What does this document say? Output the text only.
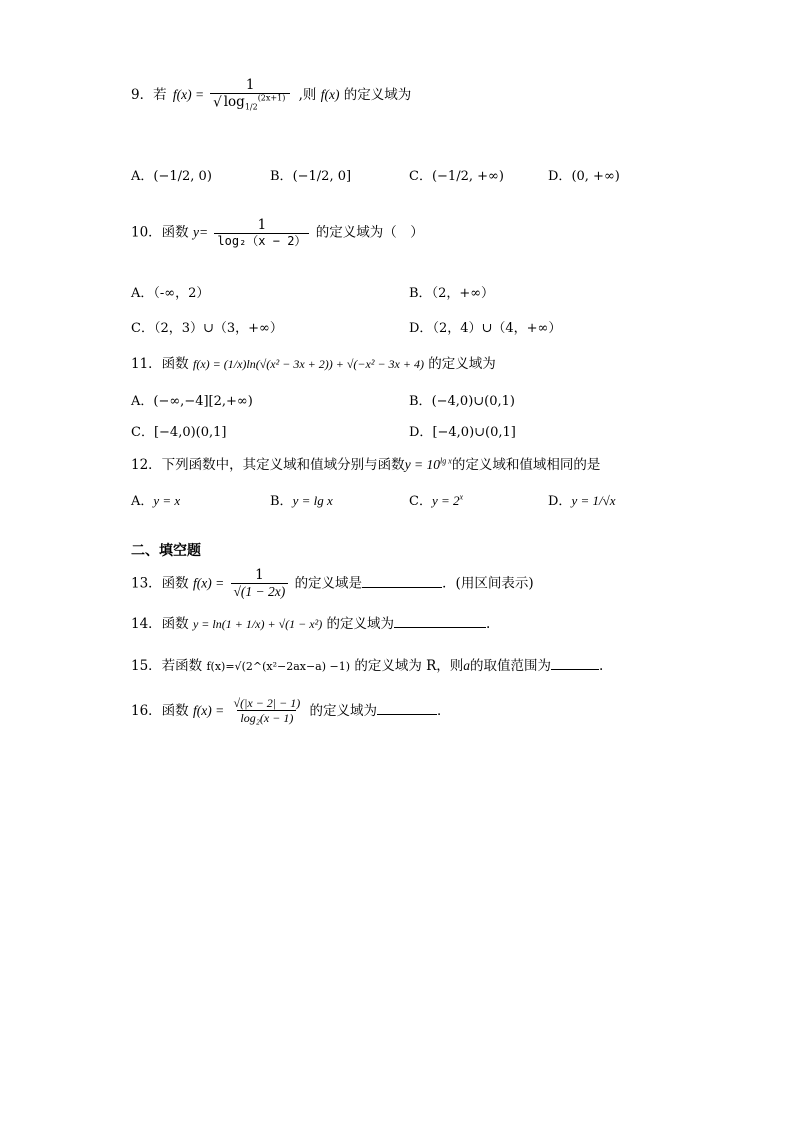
9．若 $f(x) = \frac{1}{√ \log_{1/2}^{(2x+1)}}$ ,则 f(x) 的定义域为
A．(−1/2, 0)	B．(−1/2, 0]	C．(−1/2, +∞)	D．(0, +∞)
10．函数 $y= \frac{1}{\text{log₂（x − 2）}}$ 的定义域为（　）
A．（-∞，2）	B．（2，+∞）
C．（2，3）∪（3，+∞）	D．（2，4）∪（4，+∞）
11．函数 f(x) = (1/x)ln(√(x² − 3x + 2)) + √(−x² − 3x + 4) 的定义域为
A．(−∞,−4][2,+∞)	B．(−4,0)∪(0,1)
C．[−4,0)(0,1]	D．[−4,0)∪(0,1]
12．下列函数中，其定义域和值域分别与函数$y = 10^{lg x}$的定义域和值域相同的是
A．y = x	B．y = lg x	C．$y = 2^x$	D．y = 1/√x
二、填空题
13．函数 $f(x) = \frac{1}{√(1 - 2x)}$ 的定义域是	．(用区间表示)
14．函数 y = ln(1 + 1/x) + √(1 − x²) 的定义域为	.
15．若函数 f(x)=√(2^(x²−2ax−a) −1) 的定义域为 R，则a的取值范围为	.
16．函数 $f(x) = \frac{√(|x - 2| - 1)}{\text{log₂(x − 1)}}$ 的定义域为	．
